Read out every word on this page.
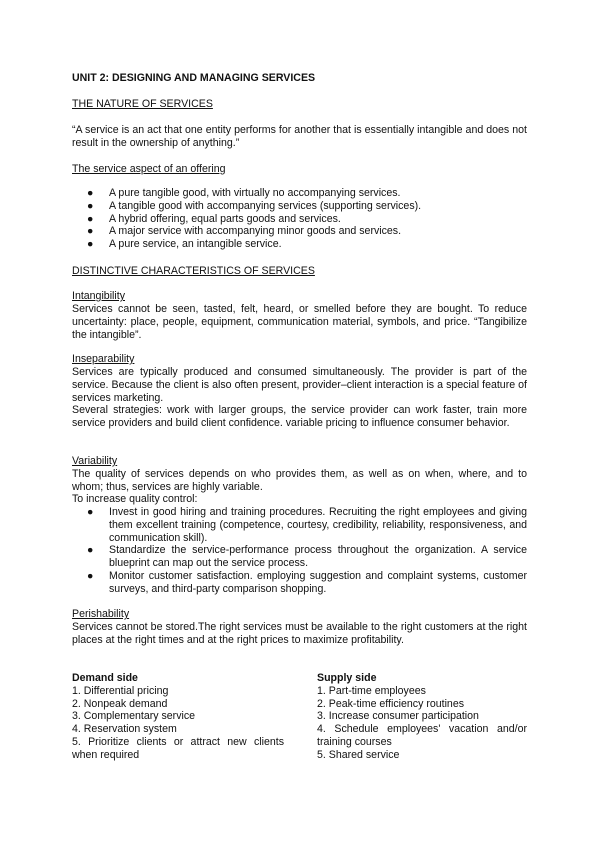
UNIT 2: DESIGNING AND MANAGING SERVICES
THE NATURE OF SERVICES
“A service is an act that one entity performs for another that is essentially intangible and does not result in the ownership of anything.”
The service aspect of an offering
● A pure tangible good, with virtually no accompanying services.
● A tangible good with accompanying services (supporting services).
● A hybrid offering, equal parts goods and services.
● A major service with accompanying minor goods and services.
● A pure service, an intangible service.
DISTINCTIVE CHARACTERISTICS OF SERVICES
Intangibility
Services cannot be seen, tasted, felt, heard, or smelled before they are bought. To reduce uncertainty: place, people, equipment, communication material, symbols, and price. “Tangibilize the intangible”.
Inseparability
Services are typically produced and consumed simultaneously. The provider is part of the service. Because the client is also often present, provider–client interaction is a special feature of services marketing.
Several strategies: work with larger groups, the service provider can work faster, train more service providers and build client confidence. variable pricing to influence consumer behavior.
Variability
The quality of services depends on who provides them, as well as on when, where, and to whom; thus, services are highly variable.
To increase quality control:
● Invest in good hiring and training procedures. Recruiting the right employees and giving them excellent training (competence, courtesy, credibility, reliability, responsiveness, and communication skill).
● Standardize the service-performance process throughout the organization. A service blueprint can map out the service process.
● Monitor customer satisfaction. employing suggestion and complaint systems, customer surveys, and third-party comparison shopping.
Perishability
Services cannot be stored.The right services must be available to the right customers at the right places at the right times and at the right prices to maximize profitability.
Demand side
1. Differential pricing
2. Nonpeak demand
3. Complementary service
4. Reservation system
5. Prioritize clients or attract new clients when required
Supply side
1. Part-time employees
2. Peak-time efficiency routines
3. Increase consumer participation
4. Schedule employees' vacation and/or training courses
5. Shared service
